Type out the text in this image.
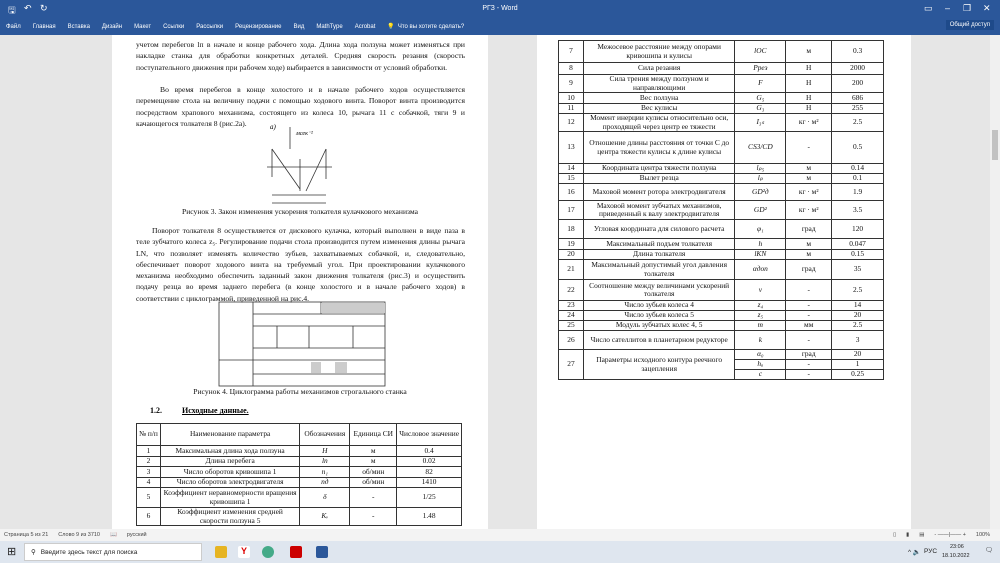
🖫 ↶ ↻	РГЗ - Word	▭ – ❐ ✕
Файл Главная Вставка Дизайн Макет Ссылки Рассылки Рецензирование Вид MathType Acrobat 💡 Что вы хотите сделать?	Общий доступ
учетом перебегов lп в начале и конце рабочего хода. Длина хода ползуна может изменяться при накладке станка для обработки конкретных деталей. Средняя скорость резания (скорость поступательного движения при рабочем ходе) выбирается в зависимости от условий обработки.
Во время перебегов в конце холостого и в начале рабочего ходов осуществляется перемещение стола на величину подачи с помощью ходового винта. Поворот винта производится посредством храпового механизма, состоящего из колеса 10, рычага 11 с собачкой, тяги 9 и качающегося толкателя 8 (рис.2а).	a)
мсек⁻²
Рисунок 3. Закон изменения ускорения толкателя кулачкового механизма
Поворот толкателя 8 осуществляется от дискового кулачка, который выполнен в виде паза в теле зубчатого колеса z₅. Регулирование подачи стола производится путем изменения длины рычага LN, что позволяет изменять количество зубьев, захватываемых собачкой, и, следовательно, обеспечивает поворот ходового винта на требуемый угол. При проектировании кулачкового механизма необходимо обеспечить заданный закон движения толкателя (рис.3) и осуществить подачу резца во время заднего перебега (в конце холостого и в начале рабочего ходов) в соответствии с циклограммой, приведенной на рис.4.
Рисунок 4. Циклограмма работы механизмов строгального станка
1.2.	Исходные данные.
№ п/п	Наименование параметра	Обозначения	Единица СИ	Числовое значение
1	Максимальная длина хода ползуна	H	м	0.4
2	Длина перебега	lп	м	0.02
3	Число оборотов кривошипа 1	n₁	об/мин	82
4	Число оборотов электродвигателя	nд	об/мин	1410
5	Коэффициент неравномерности вращения кривошипа 1	δ	-	1/25
6	Коэффициент изменения средней скорости ползуна 5	Kᵥ	-	1.48
7	Межосевое расстояние между опорами кривошипа и кулисы	lOC	м	0.3
8	Сила резания	Pрез	Н	2000
9	Сила трения между ползуном и направляющими	F	Н	200
10	Вес ползуна	G₅	Н	686
11	Вес кулисы	G₃	Н	255
12	Момент инерции кулисы относительно оси, проходящей через центр ее тяжести	I₃ₛ	кг · м²	2.5
13	Отношение длины расстояния от точки С до центра тяжести кулисы к длине кулисы	CS3/CD	-	0.5
14	Координата центра тяжести ползуна	lₚ₅	м	0.14
15	Вылет резца	lₚ	м	0.1
16	Маховой момент ротора электродвигателя	GD²д	кг · м²	1.9
17	Маховой момент зубчатых механизмов, приведенный к валу электродвигателя	GD²	кг · м²	3.5
18	Угловая координата для силового расчета	φ₁	град	120
19	Максимальный подъем толкателя	h	м	0.047
20	Длина толкателя	lKN	м	0.15
21	Максимальный допустимый угол давления толкателя	αдоп	град	35
22	Соотношение между величинами ускорений толкателя	ν	-	2.5
23	Число зубьев колеса 4	z₄	-	14
24	Число зубьев колеса 5	z₅	-	20
25	Модуль зубчатых колес 4, 5	m	мм	2.5
26	Число сателлитов в планетарном редукторе	k	-	3
27	Параметры исходного контура реечного зацепления	α₀	град	20
		hₐ	-	1
		c	-	0.25
Страница 5 из 21 Слово 9 из 3710 📖 русский	▯ ▮ ▤ - ——|—— + 100%
⊞ ⚲ Введите здесь текст для поиска	Y	^ 🔈 РУС
23:06
18.10.2022
🗨
